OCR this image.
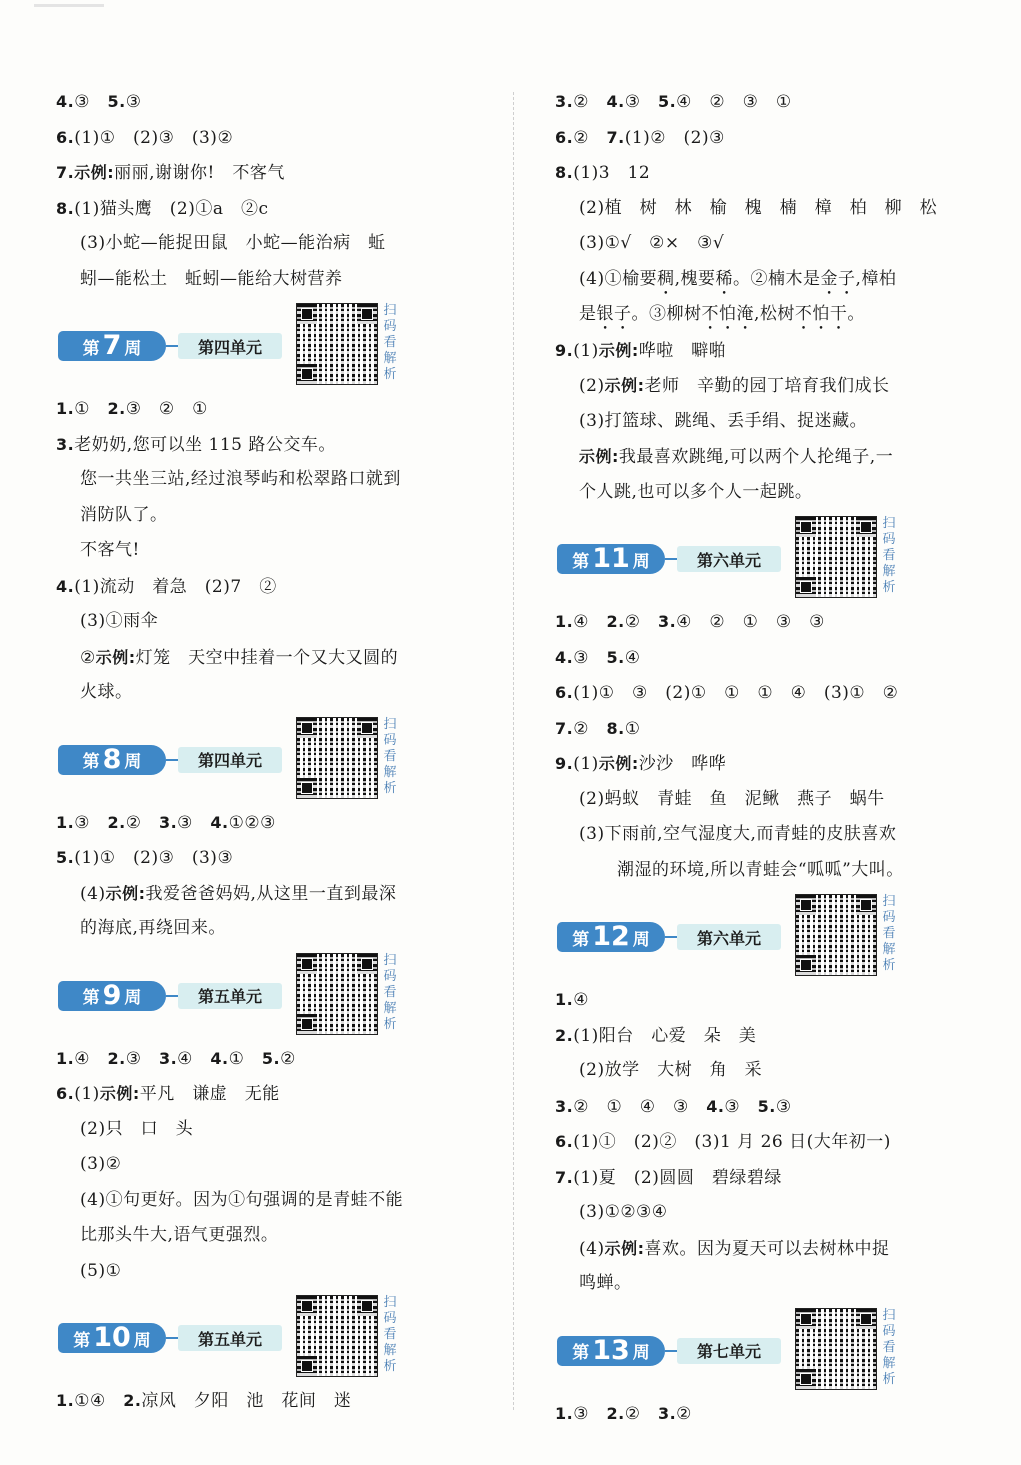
4.③　5.③
6.(1)①　(2)③　(3)②
7.示例:丽丽,谢谢你!　不客气
8.(1)猫头鹰　(2)①a　②c
(3)小蛇—能捉田鼠　小蛇—能治病　蚯
蚓—能松土　蚯蚓—能给大树营养
第 7 周	第四单元
扫
码
看
解
析
1.①　2.③　②　①
3.老奶奶,您可以坐 115 路公交车。
您一共坐三站,经过浪琴屿和松翠路口就到
消防队了。
不客气!
4.(1)流动　着急　(2)7　②
(3)①雨伞
②示例:灯笼　天空中挂着一个又大又圆的
火球。
第 8 周	第四单元
扫
码
看
解
析
1.③　2.②　3.③　4.①②③
5.(1)①　(2)③　(3)③
(4)示例:我爱爸爸妈妈,从这里一直到最深
的海底,再绕回来。
第 9 周	第五单元
扫
码
看
解
析
1.④　2.③　3.④　4.①　5.②
6.(1)示例:平凡　谦虚　无能
(2)只　口　头
(3)②
(4)①句更好。因为①句强调的是青蛙不能
比那头牛大,语气更强烈。
(5)①
第 10 周	第五单元
扫
码
看
解
析
1.①④　2.凉风　夕阳　池　花间　迷
3.②　4.③　5.④　②　③　①
6.②　7.(1)②　(2)③
8.(1)3　12
(2)植　树　林　榆　槐　楠　樟　柏　柳　松
(3)①√　②×　③√
(4)①榆要稠,槐要稀。②楠木是金子,樟柏
是银子。③柳树不怕淹,松树不怕干。
9.(1)示例:哗啦　噼啪
(2)示例:老师　辛勤的园丁培育我们成长
(3)打篮球、跳绳、丢手绢、捉迷藏。
示例:我最喜欢跳绳,可以两个人抡绳子,一
个人跳,也可以多个人一起跳。
第 11 周	第六单元
扫
码
看
解
析
1.④　2.②　3.④　②　①　③　③
4.③　5.④
6.(1)①　③　(2)①　①　①　④　(3)①　②
7.②　8.①
9.(1)示例:沙沙　哗哗
(2)蚂蚁　青蛙　鱼　泥鳅　燕子　蜗牛
(3)下雨前,空气湿度大,而青蛙的皮肤喜欢
潮湿的环境,所以青蛙会“呱呱”大叫。
第 12 周	第六单元
扫
码
看
解
析
1.④
2.(1)阳台　心爱　朵　美
(2)放学　大树　角　采
3.②　①　④　③　4.③　5.③
6.(1)①　(2)②　(3)1 月 26 日(大年初一)
7.(1)夏　(2)圆圆　碧绿碧绿
(3)①②③④
(4)示例:喜欢。因为夏天可以去树林中捉
鸣蝉。
第 13 周	第七单元
扫
码
看
解
析
1.③　2.②　3.②
